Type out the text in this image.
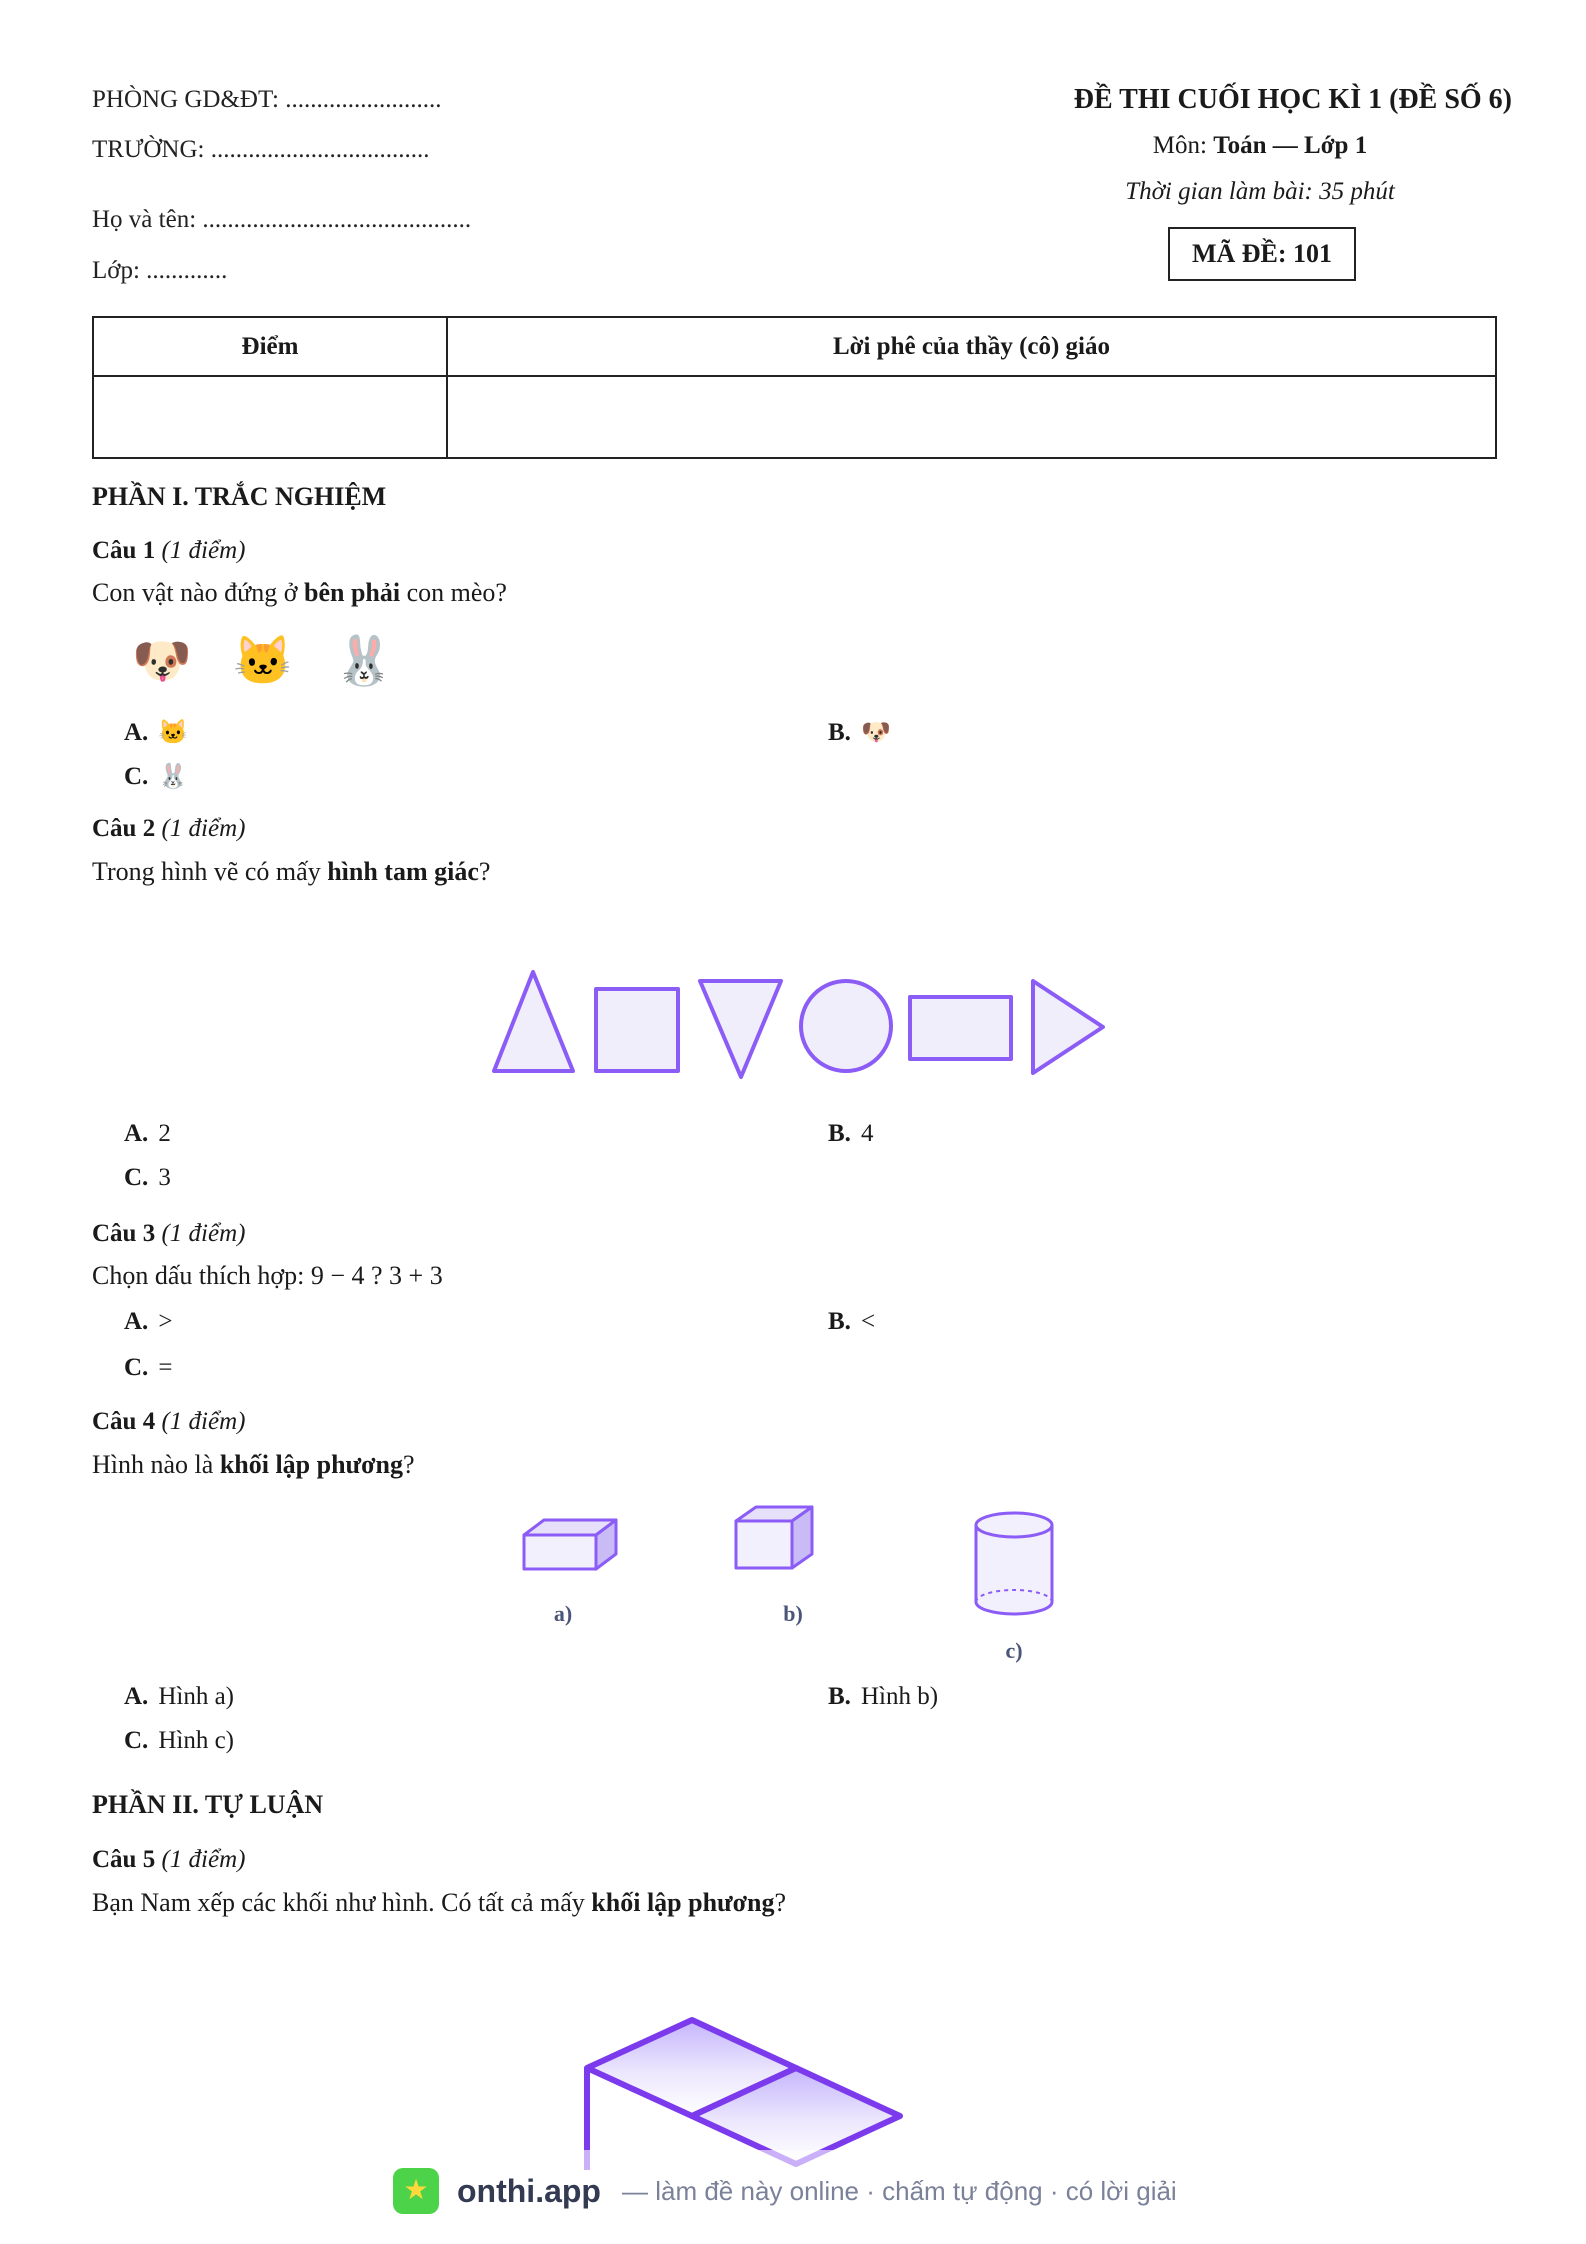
PHÒNG GD&ĐT: .........................
TRƯỜNG: ...................................
Họ và tên: ...........................................
Lớp: .............
ĐỀ THI CUỐI HỌC KÌ 1 (ĐỀ SỐ 6)
Môn: Toán — Lớp 1
Thời gian làm bài: 35 phút
MÃ ĐỀ: 101
Điểm	Lời phê của thầy (cô) giáo

PHẦN I. TRẮC NGHIỆM
Câu 1 (1 điểm)
Con vật nào đứng ở bên phải con mèo?
🐶 🐱 🐰
A. 🐱	B. 🐶
C. 🐰
Câu 2 (1 điểm)
Trong hình vẽ có mấy hình tam giác?
A. 2	B. 4
C. 3
Câu 3 (1 điểm)
Chọn dấu thích hợp: 9 − 4 ? 3 + 3
A. >	B. <
C. =
Câu 4 (1 điểm)
Hình nào là khối lập phương?
a)	b)
c)
A. Hình a)	B. Hình b)
C. Hình c)
PHẦN II. TỰ LUẬN
Câu 5 (1 điểm)
Bạn Nam xếp các khối như hình. Có tất cả mấy khối lập phương?
★ onthi.app — làm đề này online · chấm tự động · có lời giải
